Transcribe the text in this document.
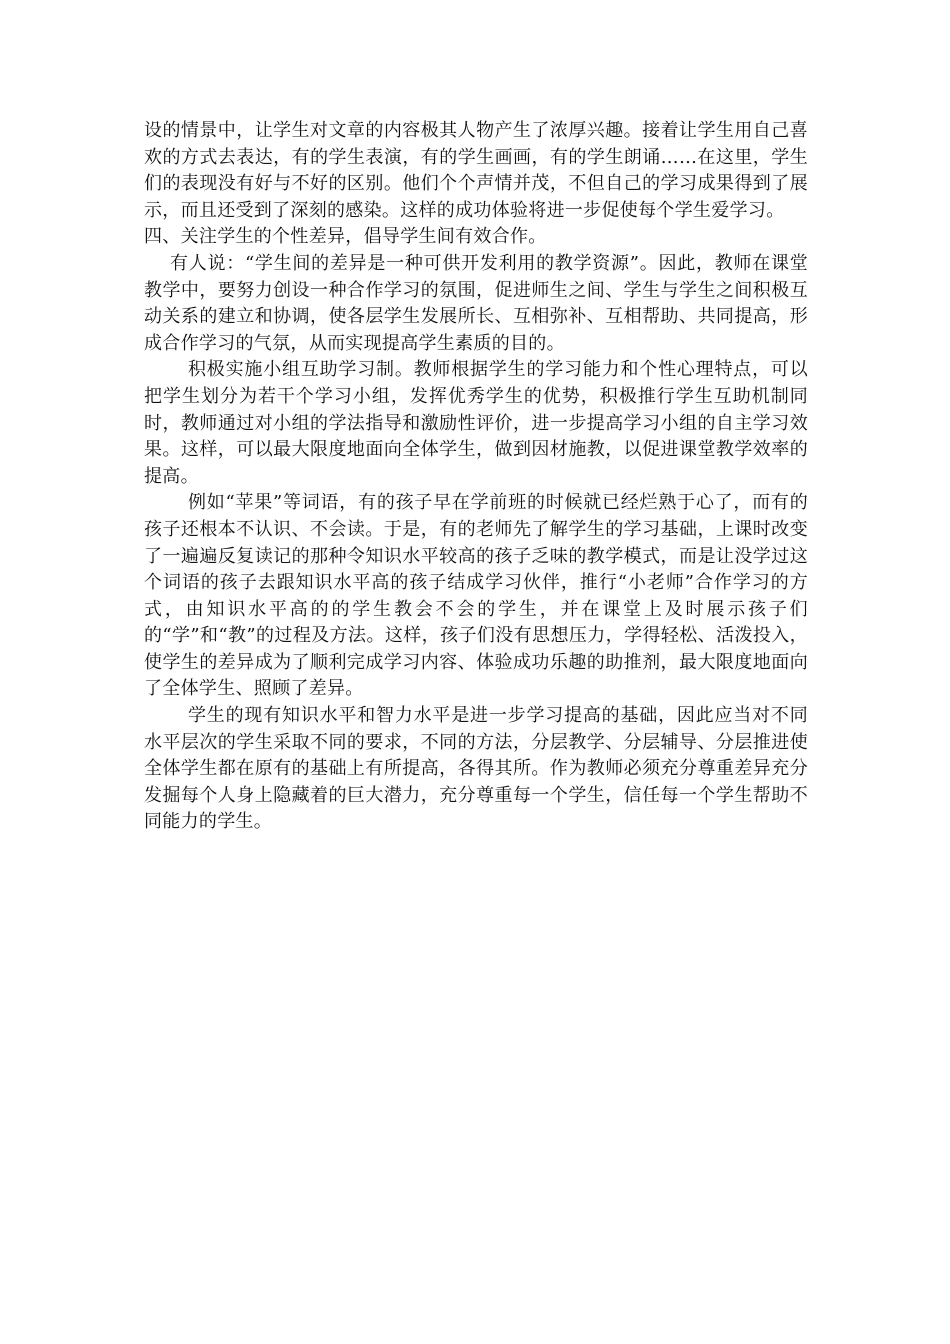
设的情景中，让学生对文章的内容极其人物产生了浓厚兴趣。接着让学生用自己喜欢的方式去表达，有的学生表演，有的学生画画，有的学生朗诵……在这里，学生们的表现没有好与不好的区别。他们个个声情并茂，不但自己的学习成果得到了展示，而且还受到了深刻的感染。这样的成功体验将进一步促使每个学生爱学习。

四、关注学生的个性差异，倡导学生间有效合作。

有人说：“学生间的差异是一种可供开发利用的教学资源”。因此，教师在课堂教学中，要努力创设一种合作学习的氛围，促进师生之间、学生与学生之间积极互动关系的建立和协调，使各层学生发展所长、互相弥补、互相帮助、共同提高，形成合作学习的气氛，从而实现提高学生素质的目的。

积极实施小组互助学习制。教师根据学生的学习能力和个性心理特点，可以把学生划分为若干个学习小组，发挥优秀学生的优势，积极推行学生互助机制同时，教师通过对小组的学法指导和激励性评价，进一步提高学习小组的自主学习效果。这样，可以最大限度地面向全体学生，做到因材施教，以促进课堂教学效率的提高。

例如“苹果”等词语，有的孩子早在学前班的时候就已经烂熟于心了，而有的孩子还根本不认识、不会读。于是，有的老师先了解学生的学习基础，上课时改变了一遍遍反复读记的那种令知识水平较高的孩子乏味的教学模式，而是让没学过这个词语的孩子去跟知识水平高的孩子结成学习伙伴，推行“小老师”合作学习的方式，由知识水平高的的学生教会不会的学生，并在课堂上及时展示孩子们的“学”和“教”的过程及方法。这样，孩子们没有思想压力，学得轻松、活泼投入，使学生的差异成为了顺利完成学习内容、体验成功乐趣的助推剂，最大限度地面向了全体学生、照顾了差异。

学生的现有知识水平和智力水平是进一步学习提高的基础，因此应当对不同水平层次的学生采取不同的要求，不同的方法，分层教学、分层辅导、分层推进使全体学生都在原有的基础上有所提高，各得其所。作为教师必须充分尊重差异充分发掘每个人身上隐藏着的巨大潜力，充分尊重每一个学生，信任每一个学生帮助不同能力的学生。
